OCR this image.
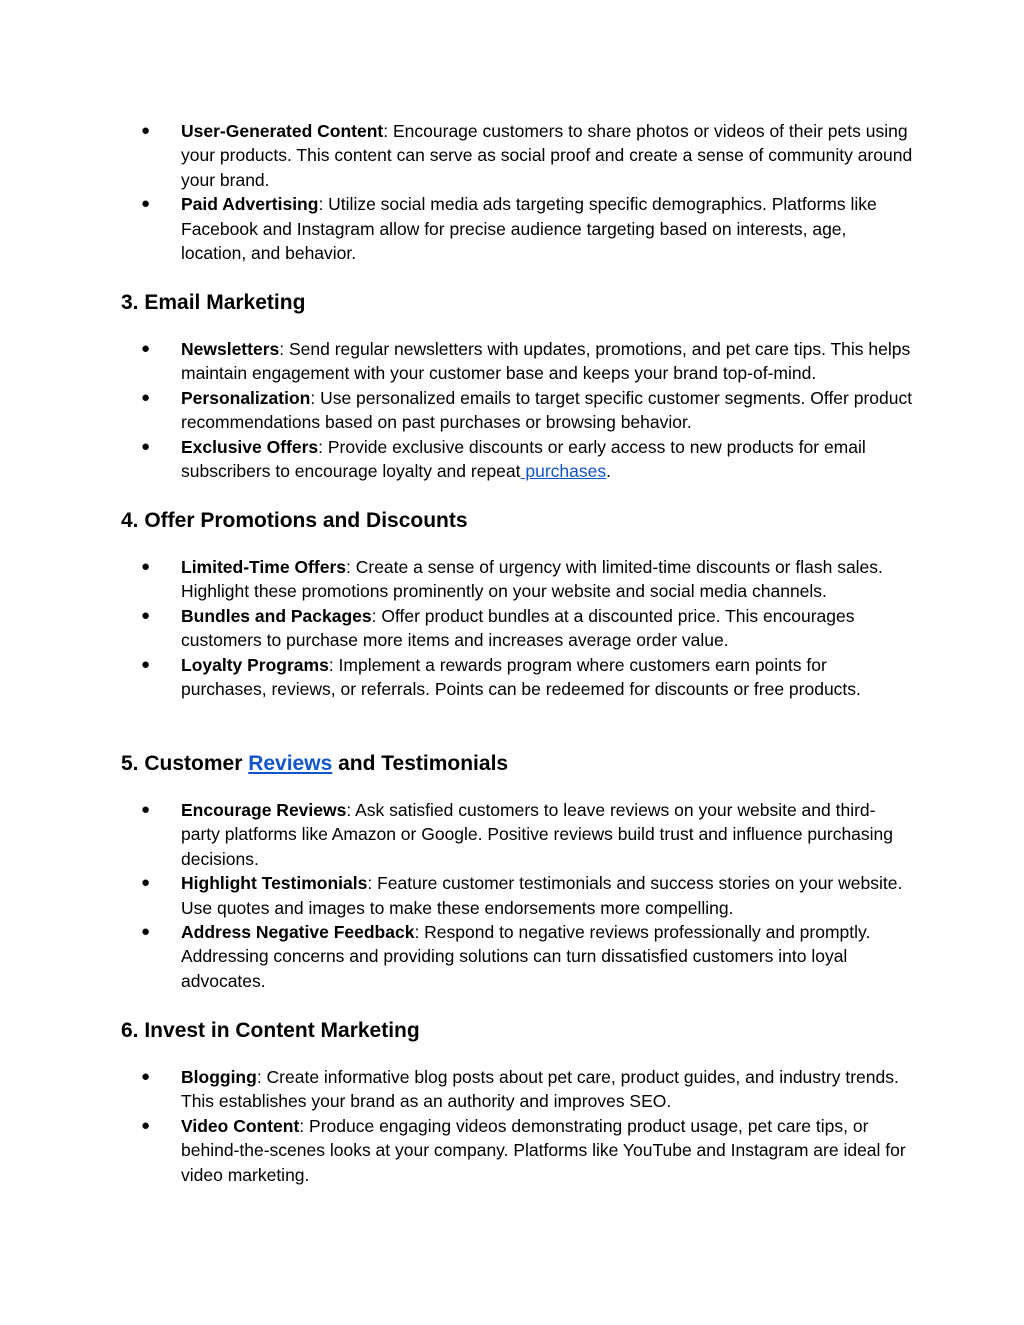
● User-Generated Content: Encourage customers to share photos or videos of their pets using your products. This content can serve as social proof and create a sense of community around your brand.
● Paid Advertising: Utilize social media ads targeting specific demographics. Platforms like Facebook and Instagram allow for precise audience targeting based on interests, age, location, and behavior.
3. Email Marketing
● Newsletters: Send regular newsletters with updates, promotions, and pet care tips. This helps maintain engagement with your customer base and keeps your brand top-of-mind.
● Personalization: Use personalized emails to target specific customer segments. Offer product recommendations based on past purchases or browsing behavior.
● Exclusive Offers: Provide exclusive discounts or early access to new products for email subscribers to encourage loyalty and repeat purchases.
4. Offer Promotions and Discounts
● Limited-Time Offers: Create a sense of urgency with limited-time discounts or flash sales. Highlight these promotions prominently on your website and social media channels.
● Bundles and Packages: Offer product bundles at a discounted price. This encourages customers to purchase more items and increases average order value.
● Loyalty Programs: Implement a rewards program where customers earn points for purchases, reviews, or referrals. Points can be redeemed for discounts or free products.
5. Customer Reviews and Testimonials
● Encourage Reviews: Ask satisfied customers to leave reviews on your website and third-party platforms like Amazon or Google. Positive reviews build trust and influence purchasing decisions.
● Highlight Testimonials: Feature customer testimonials and success stories on your website. Use quotes and images to make these endorsements more compelling.
● Address Negative Feedback: Respond to negative reviews professionally and promptly. Addressing concerns and providing solutions can turn dissatisfied customers into loyal advocates.
6. Invest in Content Marketing
● Blogging: Create informative blog posts about pet care, product guides, and industry trends. This establishes your brand as an authority and improves SEO.
● Video Content: Produce engaging videos demonstrating product usage, pet care tips, or behind-the-scenes looks at your company. Platforms like YouTube and Instagram are ideal for video marketing.
